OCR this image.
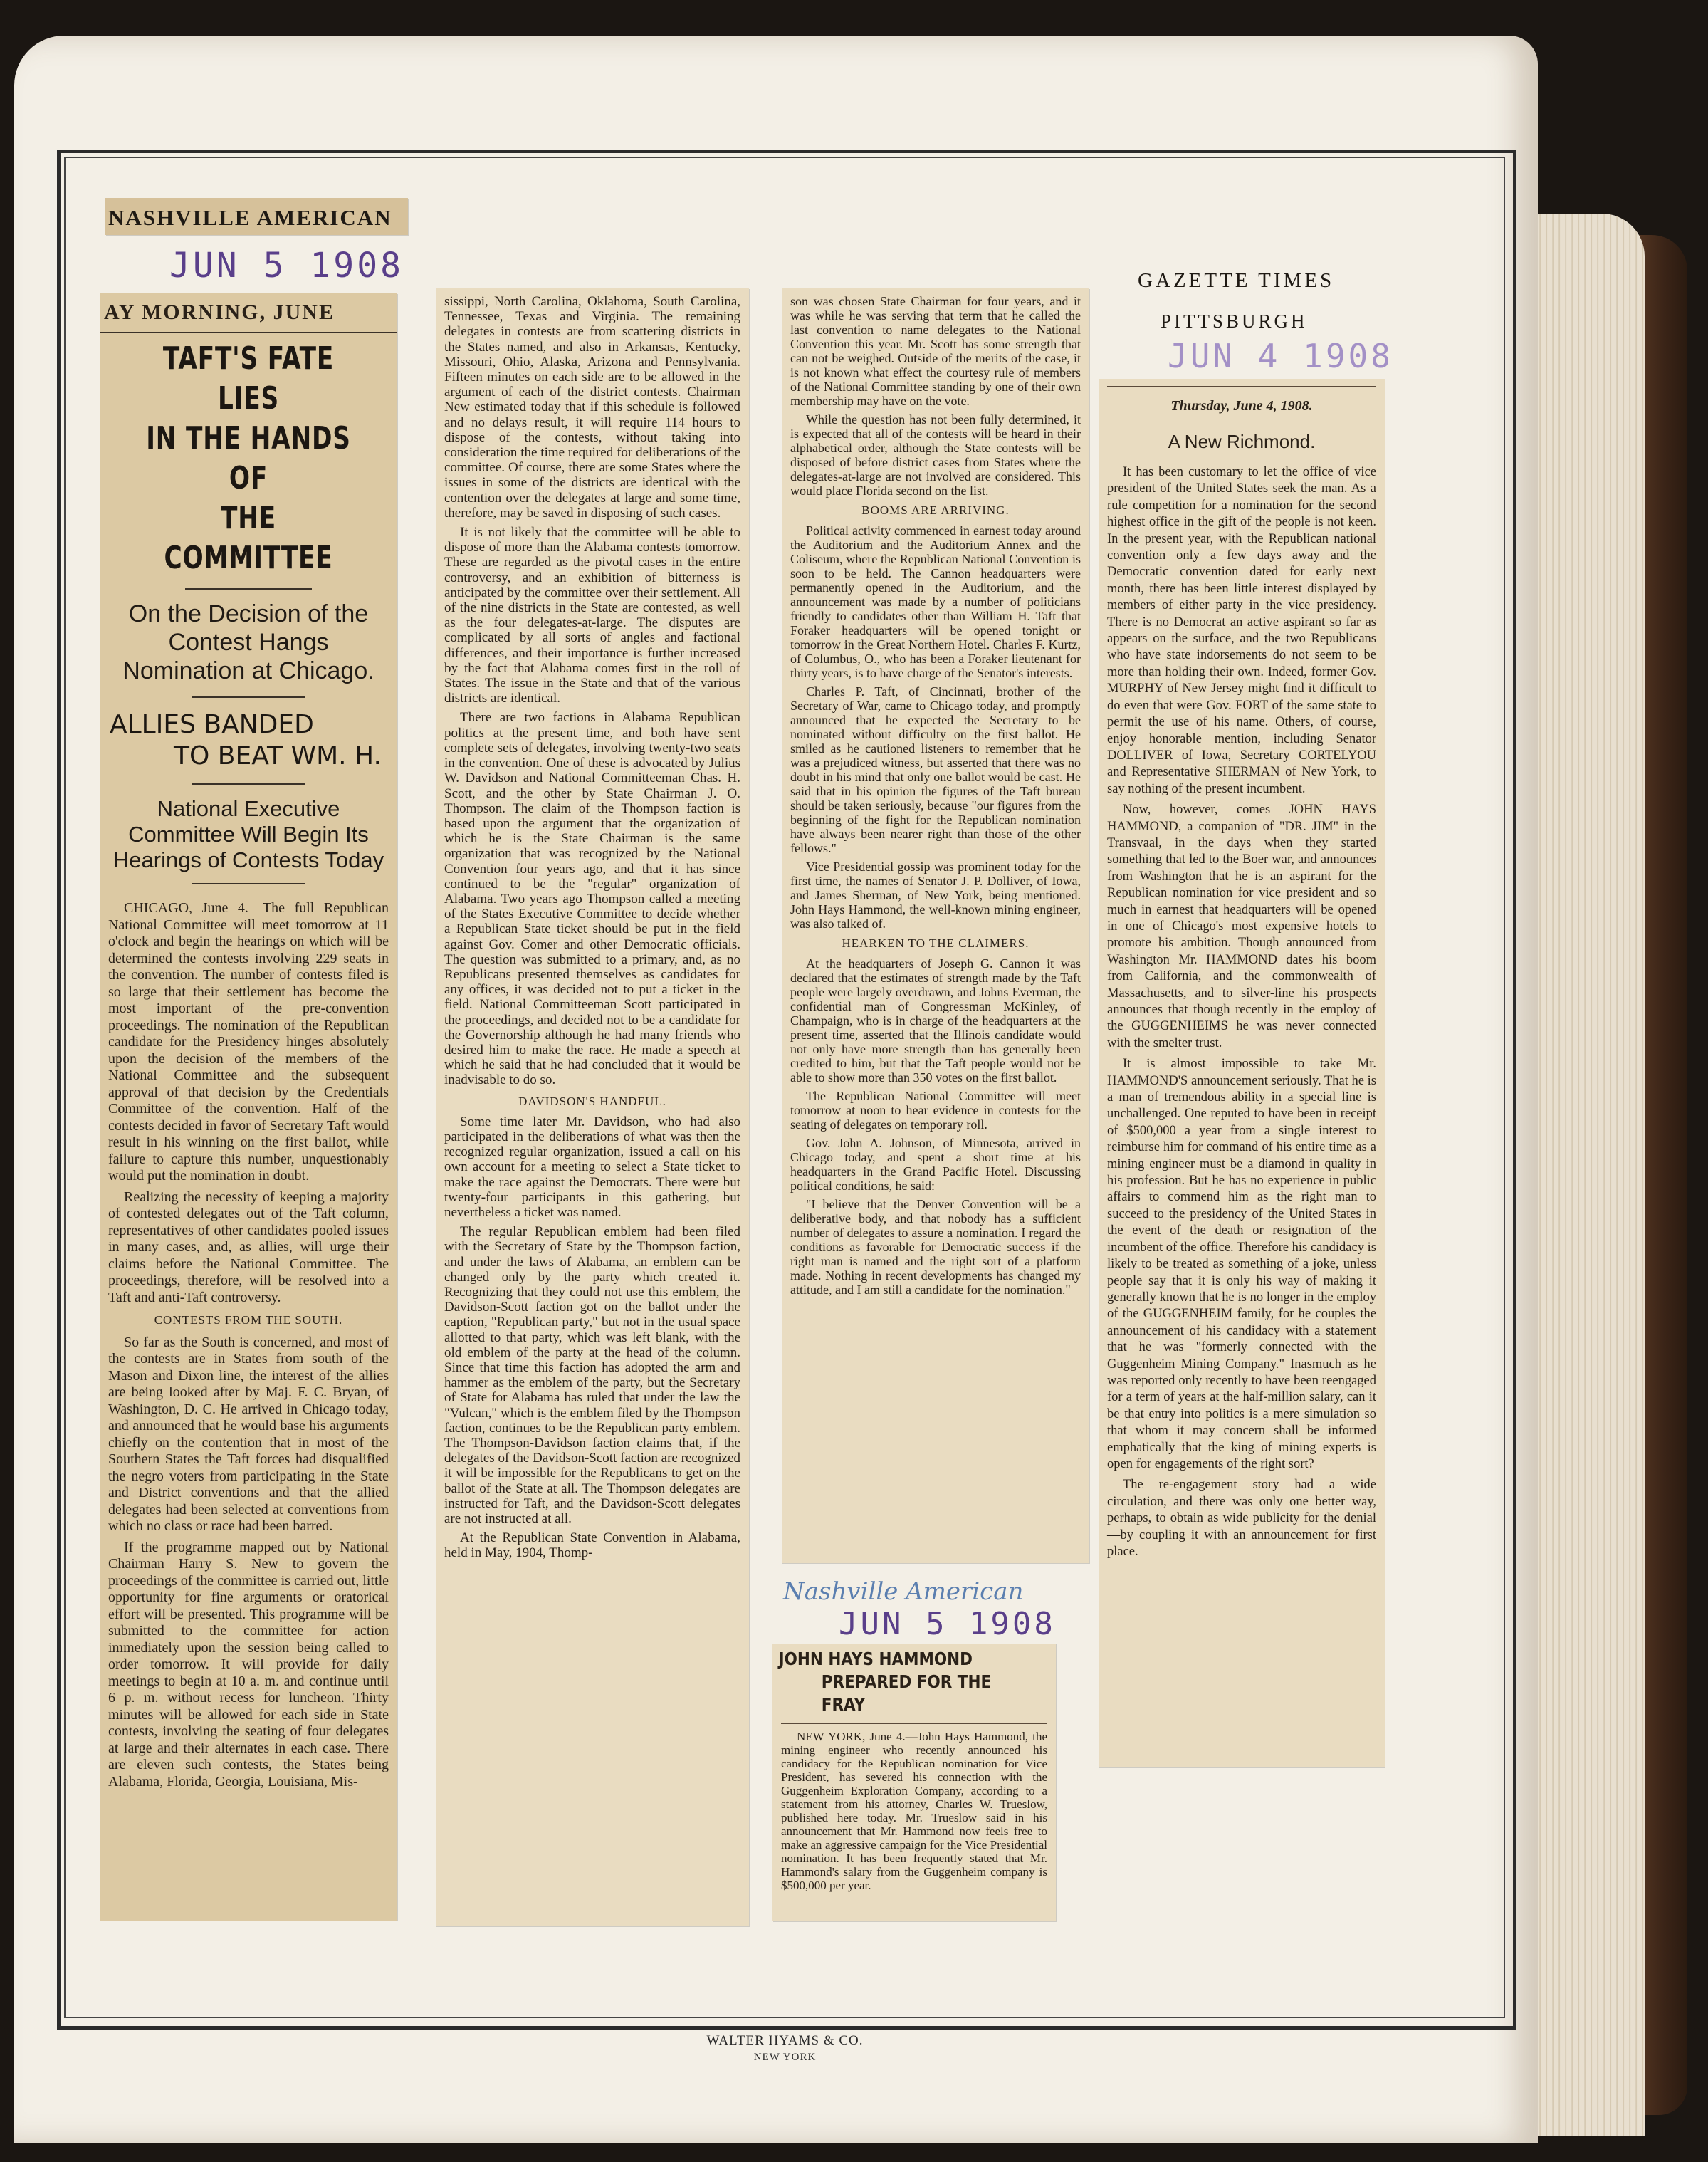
NASHVILLE AMERICAN
JUN 5 1908
AY MORNING, JUNE
TAFT'S FATE LIES
IN THE HANDS OF
THE COMMITTEE
On the Decision of the Contest Hangs Nomination at Chicago.
ALLIES BANDED
TO BEAT WM. H.
National Executive Committee Will Begin Its Hearings of Contests Today

CHICAGO, June 4.—The full Republican National Committee will meet tomorrow at 11 o'clock and begin the hearings on which will be determined the contests involving 229 seats in the convention. The number of contests filed is so large that their settlement has become the most important of the pre-convention proceedings. The nomination of the Republican candidate for the Presidency hinges absolutely upon the decision of the members of the National Committee and the subsequent approval of that decision by the Credentials Committee of the convention. Half of the contests decided in favor of Secretary Taft would result in his winning on the first ballot, while failure to capture this number, unquestionably would put the nomination in doubt.

Realizing the necessity of keeping a majority of contested delegates out of the Taft column, representatives of other candidates pooled issues in many cases, and, as allies, will urge their claims before the National Committee. The proceedings, therefore, will be resolved into a Taft and anti-Taft controversy.

CONTESTS FROM THE SOUTH.

So far as the South is concerned, and most of the contests are in States from south of the Mason and Dixon line, the interest of the allies are being looked after by Maj. F. C. Bryan, of Washington, D. C. He arrived in Chicago today, and announced that he would base his arguments chiefly on the contention that in most of the Southern States the Taft forces had disqualified the negro voters from participating in the State and District conventions and that the allied delegates had been selected at conventions from which no class or race had been barred.

If the programme mapped out by National Chairman Harry S. New to govern the proceedings of the committee is carried out, little opportunity for fine arguments or oratorical effort will be presented. This programme will be submitted to the committee for action immediately upon the session being called to order tomorrow. It will provide for daily meetings to begin at 10 a. m. and continue until 6 p. m. without recess for luncheon. Thirty minutes will be allowed for each side in State contests, involving the seating of four delegates at large and their alternates in each case. There are eleven such contests, the States being Alabama, Florida, Georgia, Louisiana, Mis-

sissippi, North Carolina, Oklahoma, South Carolina, Tennessee, Texas and Virginia. The remaining delegates in contests are from scattering districts in the States named, and also in Arkansas, Kentucky, Missouri, Ohio, Alaska, Arizona and Pennsylvania. Fifteen minutes on each side are to be allowed in the argument of each of the district contests. Chairman New estimated today that if this schedule is followed and no delays result, it will require 114 hours to dispose of the contests, without taking into consideration the time required for deliberations of the committee. Of course, there are some States where the issues in some of the districts are identical with the contention over the delegates at large and some time, therefore, may be saved in disposing of such cases.

It is not likely that the committee will be able to dispose of more than the Alabama contests tomorrow. These are regarded as the pivotal cases in the entire controversy, and an exhibition of bitterness is anticipated by the committee over their settlement. All of the nine districts in the State are contested, as well as the four delegates-at-large. The disputes are complicated by all sorts of angles and factional differences, and their importance is further increased by the fact that Alabama comes first in the roll of States. The issue in the State and that of the various districts are identical.

There are two factions in Alabama Republican politics at the present time, and both have sent complete sets of delegates, involving twenty-two seats in the convention. One of these is advocated by Julius W. Davidson and National Committeeman Chas. H. Scott, and the other by State Chairman J. O. Thompson. The claim of the Thompson faction is based upon the argument that the organization of which he is the State Chairman is the same organization that was recognized by the National Convention four years ago, and that it has since continued to be the "regular" organization of Alabama. Two years ago Thompson called a meeting of the States Executive Committee to decide whether a Republican State ticket should be put in the field against Gov. Comer and other Democratic officials. The question was submitted to a primary, and, as no Republicans presented themselves as candidates for any offices, it was decided not to put a ticket in the field. National Committeeman Scott participated in the proceedings, and decided not to be a candidate for the Governorship although he had many friends who desired him to make the race. He made a speech at which he said that he had concluded that it would be inadvisable to do so.

DAVIDSON'S HANDFUL.

Some time later Mr. Davidson, who had also participated in the deliberations of what was then the recognized regular organization, issued a call on his own account for a meeting to select a State ticket to make the race against the Democrats. There were but twenty-four participants in this gathering, but nevertheless a ticket was named.

The regular Republican emblem had been filed with the Secretary of State by the Thompson faction, and under the laws of Alabama, an emblem can be changed only by the party which created it. Recognizing that they could not use this emblem, the Davidson-Scott faction got on the ballot under the caption, "Republican party," but not in the usual space allotted to that party, which was left blank, with the old emblem of the party at the head of the column. Since that time this faction has adopted the arm and hammer as the emblem of the party, but the Secretary of State for Alabama has ruled that under the law the "Vulcan," which is the emblem filed by the Thompson faction, continues to be the Republican party emblem. The Thompson-Davidson faction claims that, if the delegates of the Davidson-Scott faction are recognized it will be impossible for the Republicans to get on the ballot of the State at all. The Thompson delegates are instructed for Taft, and the Davidson-Scott delegates are not instructed at all.

At the Republican State Convention in Alabama, held in May, 1904, Thomp-

son was chosen State Chairman for four years, and it was while he was serving that term that he called the last convention to name delegates to the National Convention this year. Mr. Scott has some strength that can not be weighed. Outside of the merits of the case, it is not known what effect the courtesy rule of members of the National Committee standing by one of their own membership may have on the vote.

While the question has not been fully determined, it is expected that all of the contests will be heard in their alphabetical order, although the State contests will be disposed of before district cases from States where the delegates-at-large are not involved are considered. This would place Florida second on the list.

BOOMS ARE ARRIVING.

Political activity commenced in earnest today around the Auditorium and the Auditorium Annex and the Coliseum, where the Republican National Convention is soon to be held. The Cannon headquarters were permanently opened in the Auditorium, and the announcement was made by a number of politicians friendly to candidates other than William H. Taft that Foraker headquarters will be opened tonight or tomorrow in the Great Northern Hotel. Charles F. Kurtz, of Columbus, O., who has been a Foraker lieutenant for thirty years, is to have charge of the Senator's interests.

Charles P. Taft, of Cincinnati, brother of the Secretary of War, came to Chicago today, and promptly announced that he expected the Secretary to be nominated without difficulty on the first ballot. He smiled as he cautioned listeners to remember that he was a prejudiced witness, but asserted that there was no doubt in his mind that only one ballot would be cast. He said that in his opinion the figures of the Taft bureau should be taken seriously, because "our figures from the beginning of the fight for the Republican nomination have always been nearer right than those of the other fellows."

Vice Presidential gossip was prominent today for the first time, the names of Senator J. P. Dolliver, of Iowa, and James Sherman, of New York, being mentioned. John Hays Hammond, the well-known mining engineer, was also talked of.

HEARKEN TO THE CLAIMERS.

At the headquarters of Joseph G. Cannon it was declared that the estimates of strength made by the Taft people were largely overdrawn, and Johns Everman, the confidential man of Congressman McKinley, of Champaign, who is in charge of the headquarters at the present time, asserted that the Illinois candidate would not only have more strength than has generally been credited to him, but that the Taft people would not be able to show more than 350 votes on the first ballot.

The Republican National Committee will meet tomorrow at noon to hear evidence in contests for the seating of delegates on temporary roll.

Gov. John A. Johnson, of Minnesota, arrived in Chicago today, and spent a short time at his headquarters in the Grand Pacific Hotel. Discussing political conditions, he said:

"I believe that the Denver Convention will be a deliberative body, and that nobody has a sufficient number of delegates to assure a nomination. I regard the conditions as favorable for Democratic success if the right man is named and the right sort of a platform made. Nothing in recent developments has changed my attitude, and I am still a candidate for the nomination."

Nashville American
JUN 5 1908
JOHN HAYS HAMMOND
PREPARED FOR THE FRAY

NEW YORK, June 4.—John Hays Hammond, the mining engineer who recently announced his candidacy for the Republican nomination for Vice President, has severed his connection with the Guggenheim Exploration Company, according to a statement from his attorney, Charles W. Trueslow, published here today. Mr. Trueslow said in his announcement that Mr. Hammond now feels free to make an aggressive campaign for the Vice Presidential nomination. It has been frequently stated that Mr. Hammond's salary from the Guggenheim company is $500,000 per year.

GAZETTE TIMES
PITTSBURGH
JUN 4 1908
Thursday, June 4, 1908.
A New Richmond.

It has been customary to let the office of vice president of the United States seek the man. As a rule competition for a nomination for the second highest office in the gift of the people is not keen. In the present year, with the Republican national convention only a few days away and the Democratic convention dated for early next month, there has been little interest displayed by members of either party in the vice presidency. There is no Democrat an active aspirant so far as appears on the surface, and the two Republicans who have state indorsements do not seem to be more than holding their own. Indeed, former Gov. MURPHY of New Jersey might find it difficult to do even that were Gov. FORT of the same state to permit the use of his name. Others, of course, enjoy honorable mention, including Senator DOLLIVER of Iowa, Secretary CORTELYOU and Representative SHERMAN of New York, to say nothing of the present incumbent.

Now, however, comes JOHN HAYS HAMMOND, a companion of "DR. JIM" in the Transvaal, in the days when they started something that led to the Boer war, and announces from Washington that he is an aspirant for the Republican nomination for vice president and so much in earnest that headquarters will be opened in one of Chicago's most expensive hotels to promote his ambition. Though announced from Washington Mr. HAMMOND dates his boom from California, and the commonwealth of Massachusetts, and to silver-line his prospects announces that though recently in the employ of the GUGGENHEIMS he was never connected with the smelter trust.

It is almost impossible to take Mr. HAMMOND'S announcement seriously. That he is a man of tremendous ability in a special line is unchallenged. One reputed to have been in receipt of $500,000 a year from a single interest to reimburse him for command of his entire time as a mining engineer must be a diamond in quality in his profession. But he has no experience in public affairs to commend him as the right man to succeed to the presidency of the United States in the event of the death or resignation of the incumbent of the office. Therefore his candidacy is likely to be treated as something of a joke, unless people say that it is only his way of making it generally known that he is no longer in the employ of the GUGGENHEIM family, for he couples the announcement of his candidacy with a statement that he was "formerly connected with the Guggenheim Mining Company." Inasmuch as he was reported only recently to have been reengaged for a term of years at the half-million salary, can it be that entry into politics is a mere simulation so that whom it may concern shall be informed emphatically that the king of mining experts is open for engagements of the right sort?

The re-engagement story had a wide circulation, and there was only one better way, perhaps, to obtain as wide publicity for the denial—by coupling it with an announcement for first place.

WALTER HYAMS & CO.
NEW YORK
